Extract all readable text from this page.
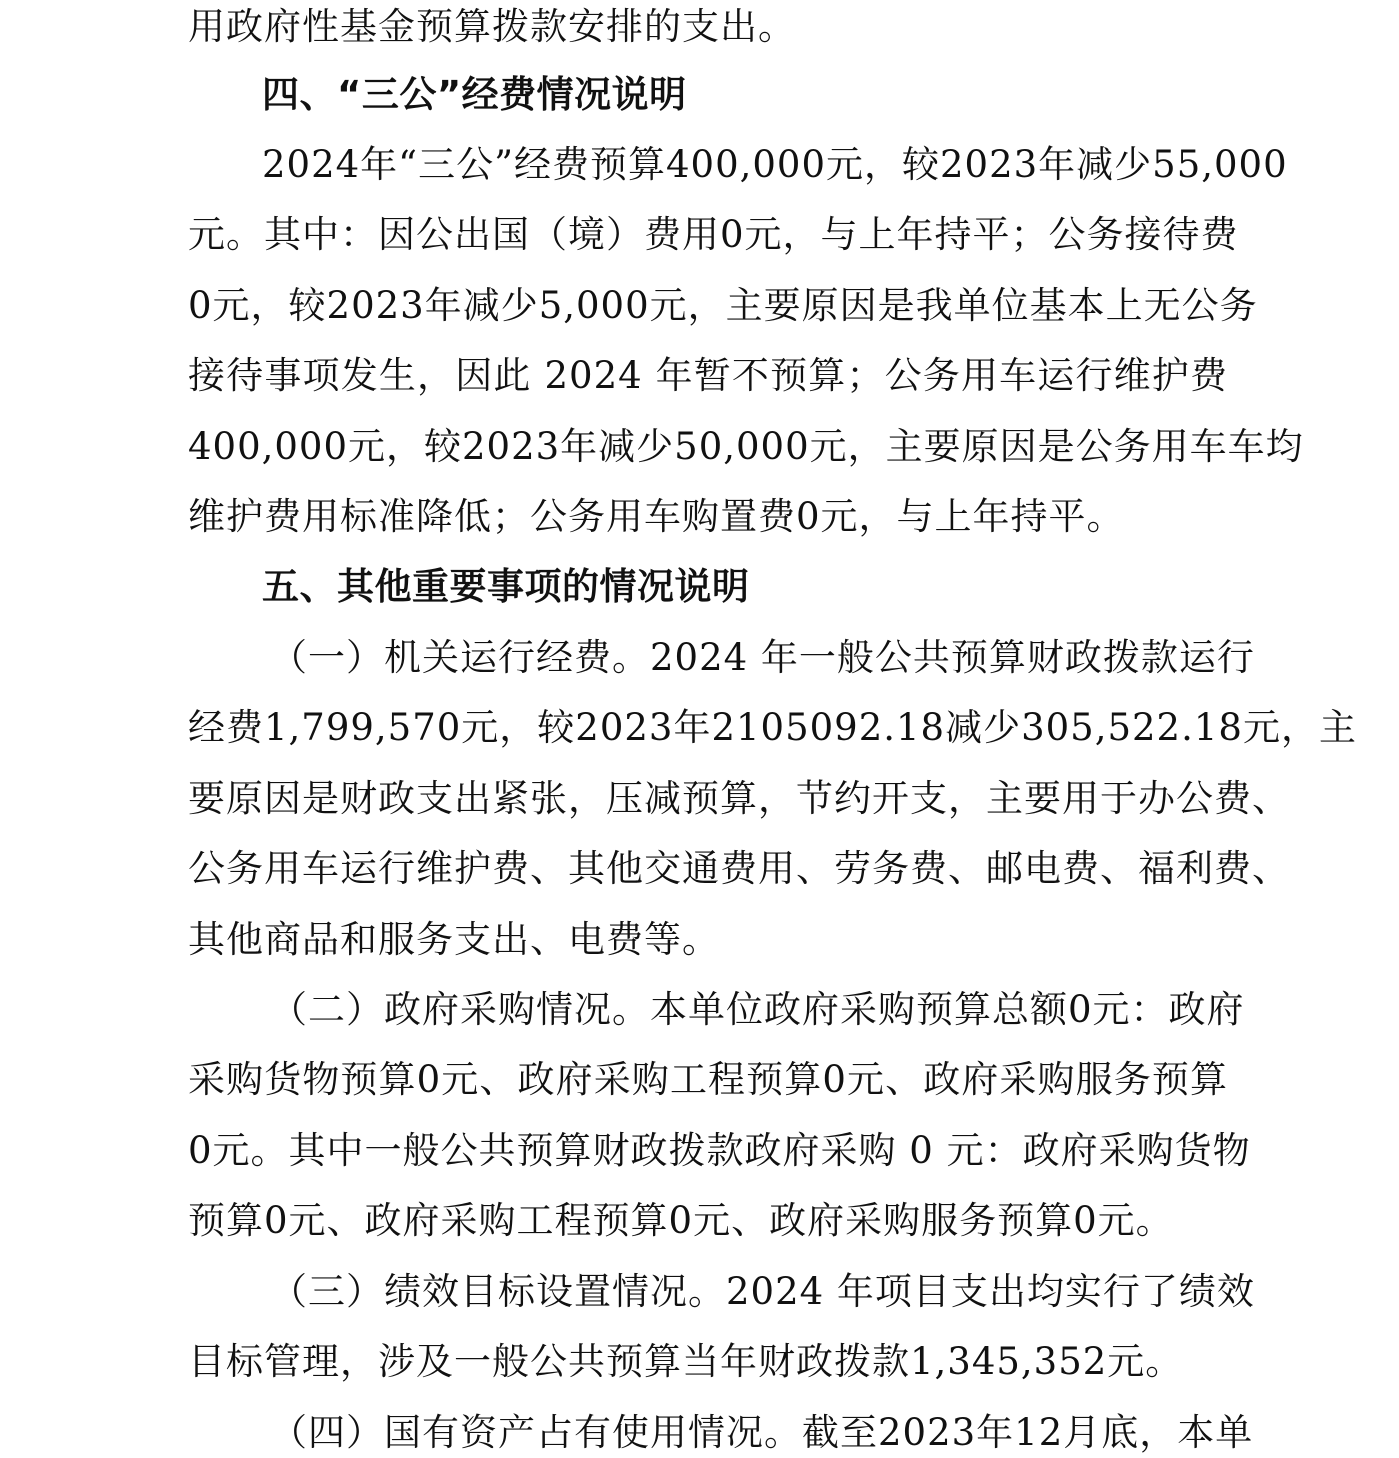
用政府性基金预算拨款安排的支出。
四、“三公”经费情况说明
2024年“三公”经费预算400,000元，较2023年减少55,000
元。其中：因公出国（境）费用0元，与上年持平；公务接待费
0元，较2023年减少5,000元，主要原因是我单位基本上无公务
接待事项发生，因此 2024 年暂不预算；公务用车运行维护费
400,000元，较2023年减少50,000元，主要原因是公务用车车均
维护费用标准降低；公务用车购置费0元，与上年持平。
五、其他重要事项的情况说明
（一）机关运行经费。2024 年一般公共预算财政拨款运行
经费1,799,570元，较2023年2105092.18减少305,522.18元，主
要原因是财政支出紧张，压减预算，节约开支，主要用于办公费、
公务用车运行维护费、其他交通费用、劳务费、邮电费、福利费、
其他商品和服务支出、电费等。
（二）政府采购情况。本单位政府采购预算总额0元：政府
采购货物预算0元、政府采购工程预算0元、政府采购服务预算
0元。其中一般公共预算财政拨款政府采购 0 元：政府采购货物
预算0元、政府采购工程预算0元、政府采购服务预算0元。
（三）绩效目标设置情况。2024 年项目支出均实行了绩效
目标管理，涉及一般公共预算当年财政拨款1,345,352元。
（四）国有资产占有使用情况。截至2023年12月底，本单
